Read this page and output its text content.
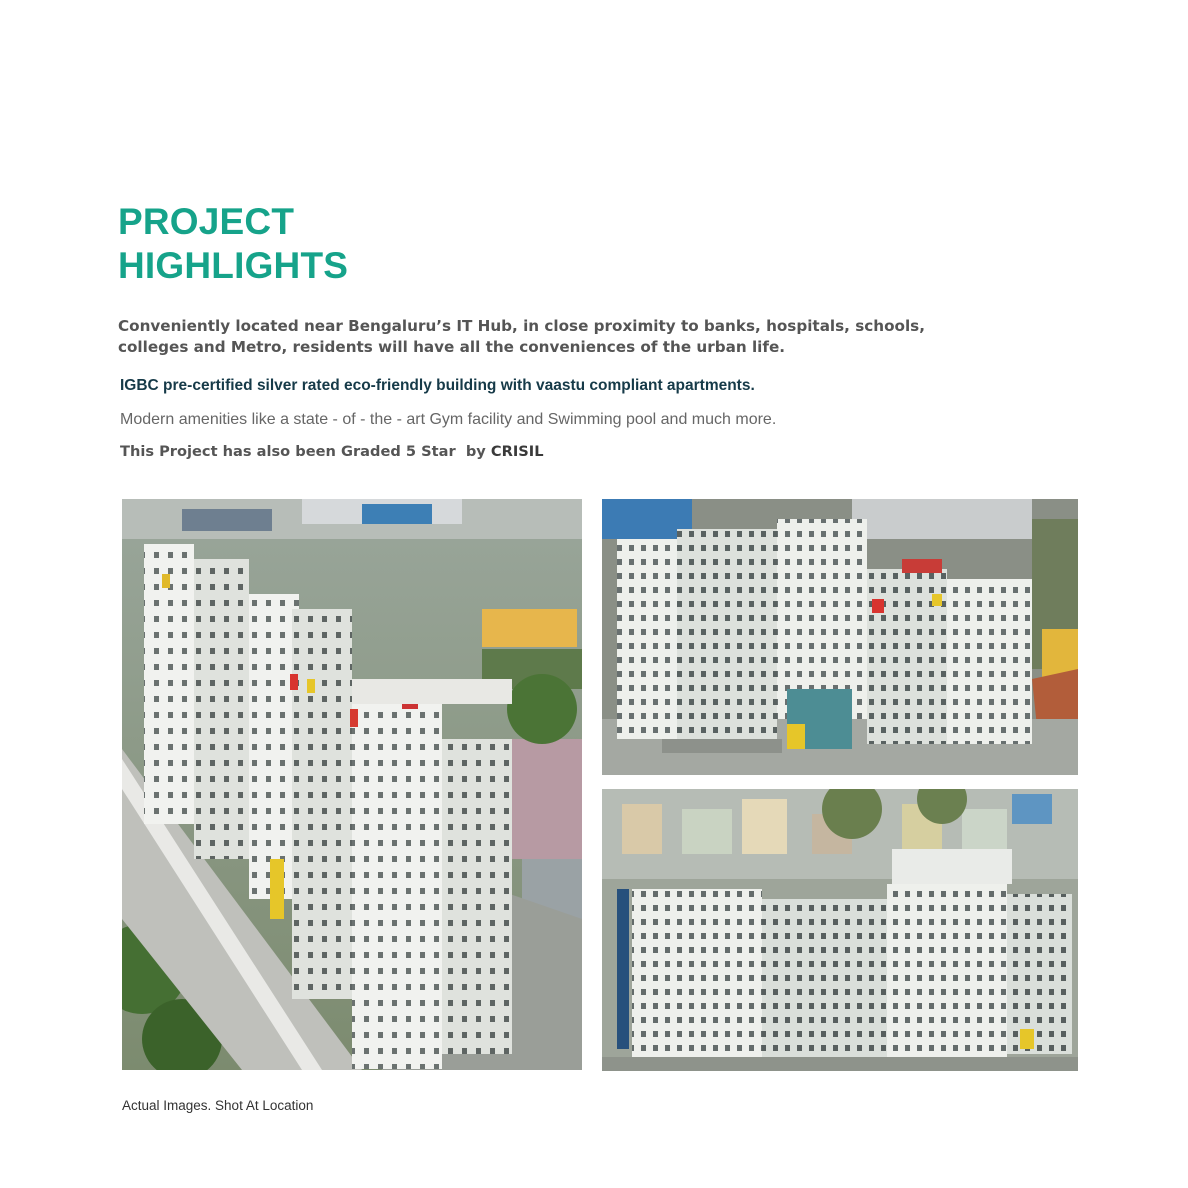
PROJECT
HIGHLIGHTS

Conveniently located near Bengaluru’s IT Hub, in close proximity to banks, hospitals, schools, colleges and Metro, residents will have all the conveniences of the urban life.

IGBC pre-certified silver rated eco-friendly building with vaastu compliant apartments.

Modern amenities like a state - of - the - art Gym facility and Swimming pool and much more.

This Project has also been Graded 5 Star  by CRISIL

Actual Images. Shot At Location
